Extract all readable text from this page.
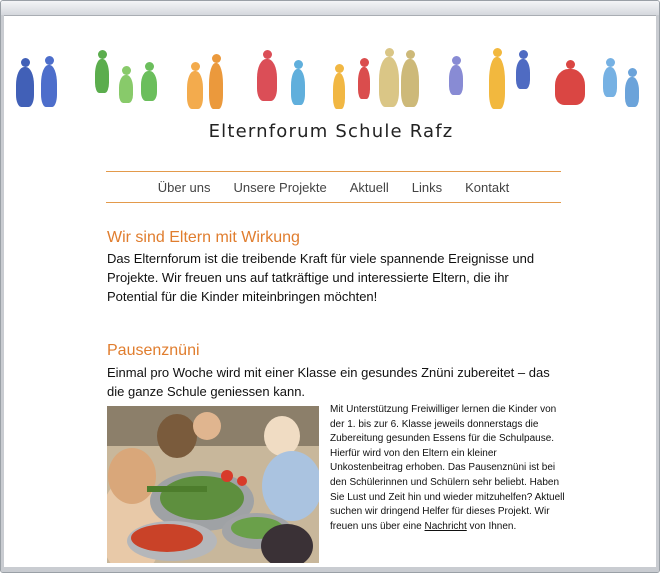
Elternforum Schule Rafz
Über uns Unsere Projekte Aktuell Links Kontakt
Wir sind Eltern mit Wirkung
Das Elternforum ist die treibende Kraft für viele spannende Ereignisse und Projekte. Wir freuen uns auf tatkräftige und interessierte Eltern, die ihr Potential für die Kinder miteinbringen möchten!
Pausenznüni
Einmal pro Woche wird mit einer Klasse ein gesundes Znüni zubereitet – das die ganze Schule geniessen kann.
Mit Unterstützung Freiwilliger lernen die Kinder von der 1. bis zur 6. Klasse jeweils donnerstags die Zubereitung gesunden Essens für die Schulpause. Hierfür wird von den Eltern ein kleiner Unkostenbeitrag erhoben. Das Pausenznüni ist bei den Schülerinnen und Schülern sehr beliebt. Haben Sie Lust und Zeit hin und wieder mitzuhelfen? Aktuell suchen wir dringend Helfer für dieses Projekt. Wir freuen uns über eine Nachricht von Ihnen.
